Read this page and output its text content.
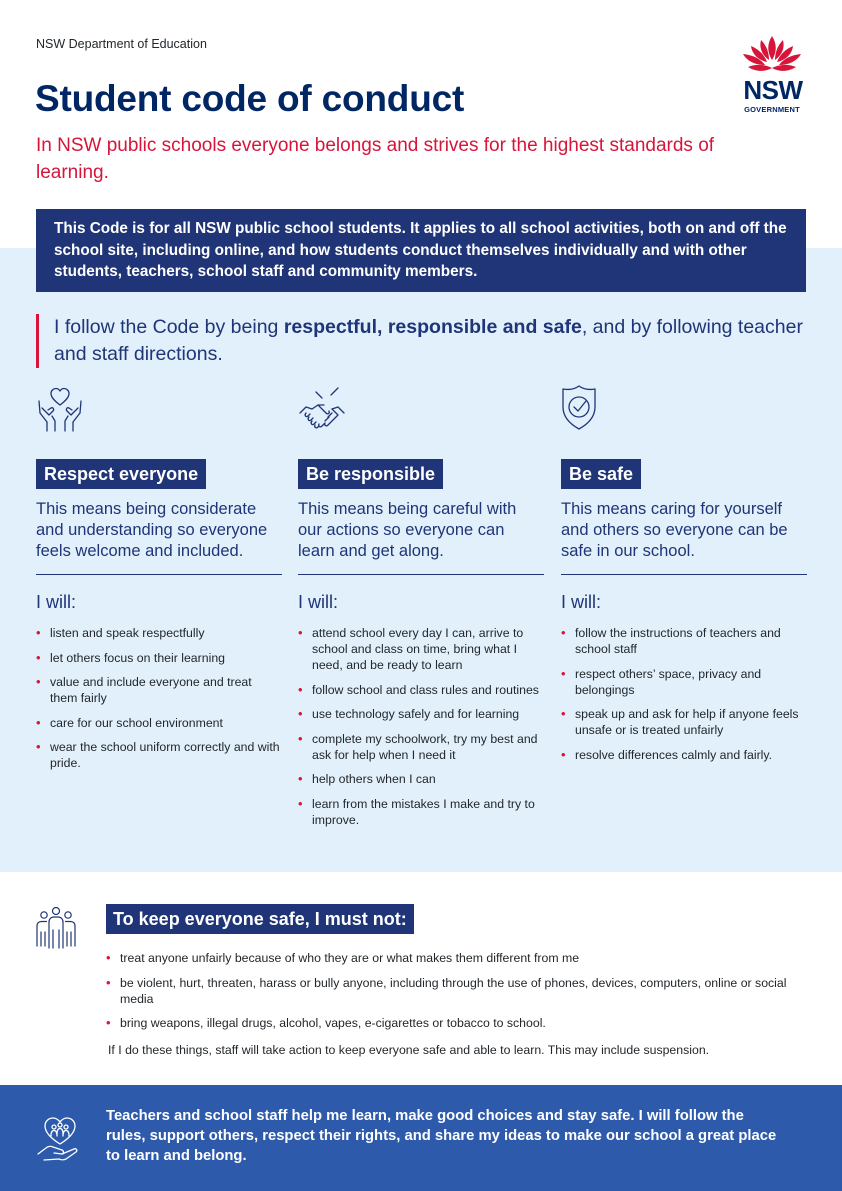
NSW Department of Education
Student code of conduct

In NSW public schools everyone belongs and strives for the highest standards of learning.

NSW
GOVERNMENT
This Code is for all NSW public school students. It applies to all school activities, both on and off the school site, including online, and how students conduct themselves individually and with other students, teachers, school staff and community members.

I follow the Code by being respectful, responsible and safe, and by following teacher and staff directions.

Respect everyone

This means being considerate and understanding so everyone feels welcome and included.

I will:
• listen and speak respectfully
• let others focus on their learning
• value and include everyone and treat them fairly
• care for our school environment
• wear the school uniform correctly and with pride.
Be responsible

This means being careful with our actions so everyone can learn and get along.

I will:
• attend school every day I can, arrive to school and class on time, bring what I need, and be ready to learn
• follow school and class rules and routines
• use technology safely and for learning
• complete my schoolwork, try my best and ask for help when I need it
• help others when I can
• learn from the mistakes I make and try to improve.
Be safe

This means caring for yourself and others so everyone can be safe in our school.

I will:
• follow the instructions of teachers and school staff
• respect others’ space, privacy and belongings
• speak up and ask for help if anyone feels unsafe or is treated unfairly
• resolve differences calmly and fairly.
To keep everyone safe, I must not:
• treat anyone unfairly because of who they are or what makes them different from me
• be violent, hurt, threaten, harass or bully anyone, including through the use of phones, devices, computers, online or social media
• bring weapons, illegal drugs, alcohol, vapes, e-cigarettes or tobacco to school.

If I do these things, staff will take action to keep everyone safe and able to learn. This may include suspension.

Teachers and school staff help me learn, make good choices and stay safe. I will follow the rules, support others, respect their rights, and share my ideas to make our school a great place to learn and belong.
